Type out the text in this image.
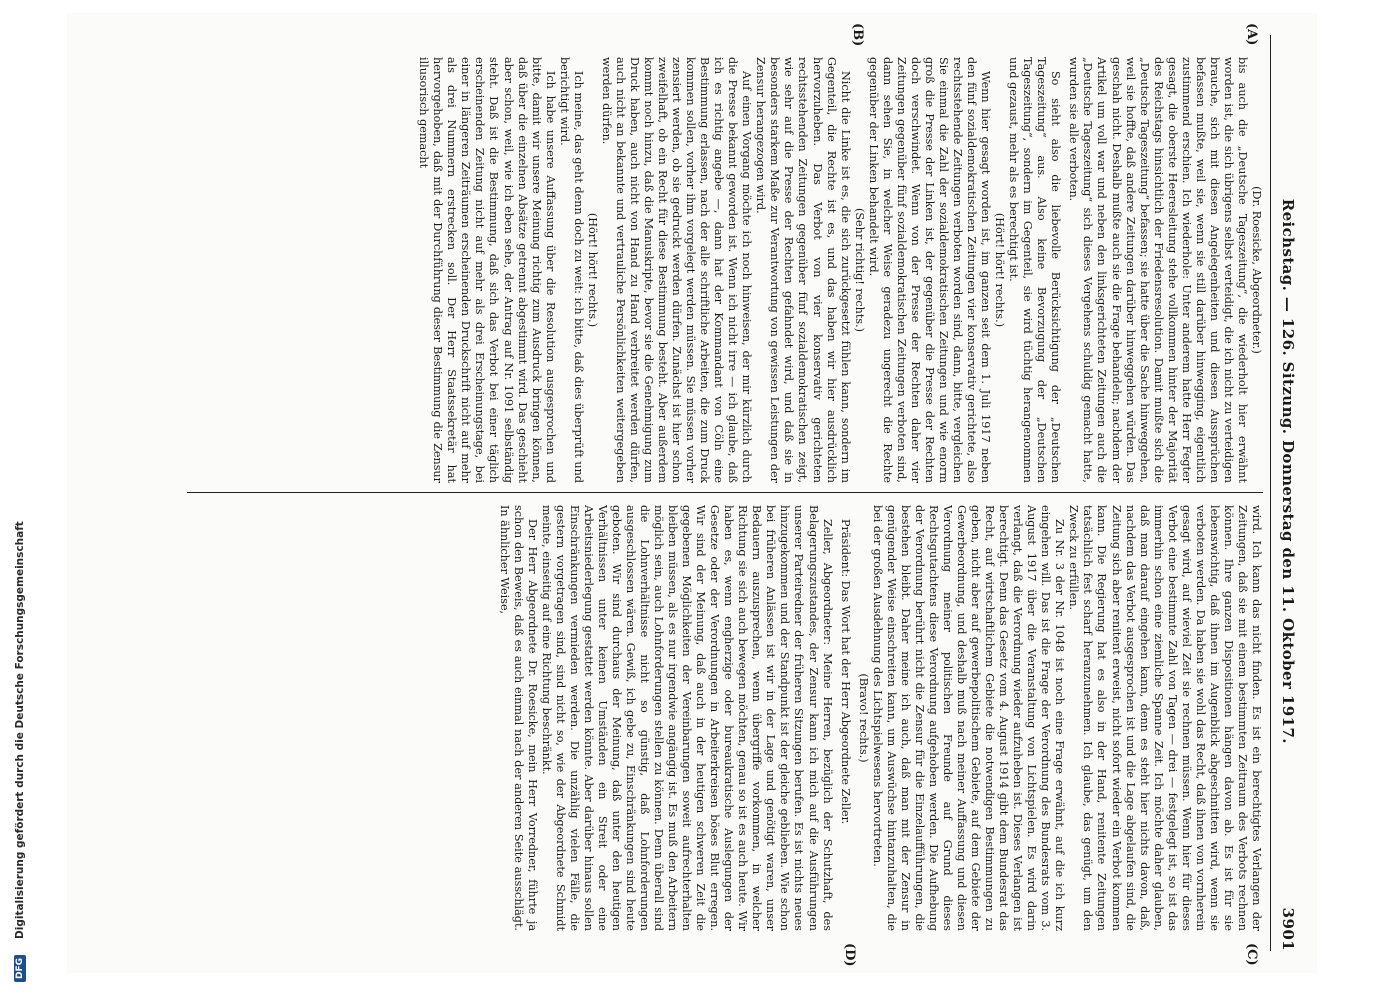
Reichstag. — 126. Sitzung. Donnerstag den 11. Oktober 1917.
3901
(A)
(B)
(C)
(D)

(Dr. Roesicke, Abgeordneter.)

bis auch die „Deutsche Tageszeitung“, die wiederholt hier erwähnt worden ist, die sich übrigens selbst verteidigt, die ich nicht zu verteidigen brauche, sich mit diesen Angelegenheiten und diesen Aussprüchen befassen mußte, weil sie, wenn sie still darüber hinwegging, eigentlich zustimmend erschien. Ich wiederhole: Unter anderem hatte Herr Fegter gesagt, die oberste Heeresleitung stehe vollkommen hinter der Majorität des Reichstags hinsichtlich der Friedensresolution. Damit mußte sich die „Deutsche Tageszeitung“ befassen; sie hatte über die Sache hinweggehen, weil sie hoffte, daß andere Zeitungen darüber hinweggehen würden. Das geschah nicht. Deshalb mußte auch sie die Frage behandeln; nachdem der Artikel um voll war und neben den linksgerichteten Zeitungen auch die „Deutsche Tageszeitung“ sich dieses Vergehens schuldig gemacht hatte, wurden sie alle verboten.

So sieht also die liebevolle Berücksichtigung der „Deutschen Tageszeitung“ aus. Also keine Bevorzugung der „Deutschen Tageszeitung“, sondern im Gegenteil, sie wird tüchtig herangenommen und gezaust, mehr als es berechtigt ist.

(Hört! hört! rechts.)

Wenn hier gesagt worden ist, im ganzen seit dem 1. Juli 1917 neben den fünf sozialdemokratischen Zeitungen vier konservativ gerichtete, also rechtsstehende Zeitungen verboten worden sind, dann, bitte, vergleichen Sie einmal die Zahl der sozialdemokratischen Zeitungen und wie enorm groß die Presse der Linken ist, der gegenüber die Presse der Rechten doch verschwindet. Wenn von der Presse der Rechten daher vier Zeitungen gegenüber fünf sozialdemokratischen Zeitungen verboten sind, dann sehen Sie, in welcher Weise geradezu ungerecht die Rechte gegenüber der Linken behandelt wird.

(Sehr richtig! rechts.)

Nicht die Linke ist es, die sich zurückgesetzt fühlen kann, sondern im Gegenteil, die Rechte ist es, und das haben wir hier ausdrücklich hervorzuheben. Das Verbot von vier konservativ gerichteten rechtsstehenden Zeitungen gegenüber fünf sozialdemokratischen zeigt, wie sehr auf die Presse der Rechten gefahndet wird, und daß sie in besonders starkem Maße zur Verantwortung von gewissen Leistungen der Zensur herangezogen wird.

Auf einen Vorgang möchte ich noch hinweisen, der mir kürzlich durch die Presse bekannt geworden ist. Wenn ich nicht irre — ich glaube, daß ich es richtig angebe —, dann hat der Kommandant von Cöln eine Bestimmung erlassen, nach der alle schriftliche Arbeiten, die zum Druck kommen sollen, vorher ihm vorgelegt werden müssen. Sie müssen vorher zensiert werden, ob sie gedruckt werden dürfen. Zunächst ist hier schon zweifelhaft, ob ein Recht für diese Bestimmung besteht. Aber außerdem kommt noch hinzu, daß die Manuskripte, bevor sie die Genehmigung zum Druck haben, auch nicht von Hand zu Hand verbreitet werden dürfen, auch nicht an bekannte und vertrauliche Persönlichkeiten weitergegeben werden dürfen.

(Hört! hört! rechts.)

Ich meine, das geht denn doch zu weit: ich bitte, daß dies überprüft und berichtigt wird.

Ich habe unsere Auffassung über die Resolution ausgesprochen und bitte, damit wir unsere Meinung richtig zum Ausdruck bringen können, daß über die einzelnen Absätze getrennt abgestimmt wird. Das geschieht aber schon, weil, wie ich eben sehe, der Antrag auf Nr. 1091 selbständig steht. Daß ist die Bestimmung, daß sich das Verbot bei einer täglich erscheinenden Zeitung nicht auf mehr als drei Erscheinungstage, bei einer in längeren Zeiträumen erscheinenden Druckschrift nicht auf mehr als drei Nummern erstrecken soll. Der Herr Staatssekretär hat hervorgehoben, daß mit der Durchführung dieser Bestimmung die Zensur illusorisch gemacht

wird. Ich kann das nicht finden. Es ist ein berechtigtes Verlangen der Zeitungen, daß sie mit einem bestimmten Zeitraum des Verbots rechnen können. Ihre ganzen Dispositionen hängen davon ab. Es ist für sie lebenswichtig, daß ihnen im Augenblick abgeschnitten wird, wenn sie verboten werden. Da haben sie wohl das Recht, daß ihnen von vornherein gesagt wird, auf wieviel Zeit sie rechnen müssen. Wenn hier für dieses Verbot eine bestimmte Zahl von Tagen — drei — festgelegt ist, so ist das immerhin schon eine ziemliche Spanne Zeit. Ich möchte daher glauben, daß man darauf eingehen kann, denn es steht hier nichts davon, daß, nachdem das Verbot ausgesprochen ist und die Lage abgelaufen sind, die Zeitung sich aber renitent erweist, nicht sofort wieder ein Verbot kommen kann. Die Regierung hat es also in der Hand, renitente Zeitungen tatsächlich fest scharf heranzunehmen. Ich glaube, das genügt, um den Zweck zu erfüllen.

Zu Nr. 3 der Nr. 1048 ist noch eine Frage erwähnt, auf die ich kurz eingehen will. Das ist die Frage der Verordnung des Bundesrats vom 3. August 1917 über die Veranstaltung von Lichtspielen. Es wird darin verlangt, daß die Verordnung wieder aufzuheben ist. Dieses Verlangen ist berechtigt. Denn das Gesetz vom 4. August 1914 gibt dem Bundesrat das Recht, auf wirtschaftlichem Gebiete die notwendigen Bestimmungen zu geben, nicht aber auf gewerbepolitischem Gebiete, auf dem Gebiete der Gewerbeordnung, und deshalb muß nach meiner Auffassung und diesen Verordnung meiner politischen Freunde auf Grund dieses Rechtsgutachtens diese Verordnung aufgehoben werden. Die Aufhebung der Verordnung berührt nicht die Zensur für die Einzelaufführungen, die bestehen bleibt. Daher meine ich auch, daß man mit der Zensur in genügender Weise einschreiten kann, um Auswüchse hintanzuhalten, die bei der großen Ausdehnung des Lichtspielwesens hervortreten.

(Bravo! rechts.)

Präsident: Das Wort hat der Herr Abgeordnete Zeller.

Zeller, Abgeordneter: Meine Herren, bezüglich der Schutzhaft, des Belagerungszustandes, der Zensur kann ich mich auf die Ausführungen unserer Parteiredner der früheren Sitzungen berufen. Es ist nichts neues hinzugekommen und der Standpunkt ist der gleiche geblieben. Wie schon bei früheren Anlässen ist wir in der Lage und genötigt waren, unser Bedauern auszusprechen, wenn übergriffe vorkommen, in welcher Richtung sie sich auch bewegen möchten, genau so ist es auch heute. Wir haben es, wenn engherzige oder bureaukratische Auslegungen der Gesetze oder der Verordnungen in Arbeiterkreisen böses Blut erregen. Wir sind der Meinung, daß auch in der heutigen schweren Zeit die gegebenen Möglichkeiten der Vereinbarungen soweit aufrechterhalten bleiben müssen, als es nur irgendwie angängig ist. Es muß den Arbeitern möglich sein, auch Lohnforderungen stellen zu können. Denn überall sind die Lohnverhältnisse nicht so günstig, daß Lohnforderungen ausgeschlossen wären. Gewiß, ich gebe zu, Einschränkungen sind heute geboten. Wir sind durchaus der Meinung, daß unter den heutigen Verhältnissen unter keinen Umständen ein Streit oder eine Arbeitsniederlegung gestattet werden könnte. Aber darüber hinaus sollen Einschränkungen vermieden werden. Die unzählig vielen Fälle, die gestern vorgetragen sind, sind nicht so, wie der Abgeordnete Schmidt meinte, einseitig auf eine Richtung beschränkt.

Der Herr Abgeordnete Dr. Roesicke, mein Herr Vorredner, führte ja schon den Beweis, daß es auch einmal nach der anderen Seite ausschlägt. In ähnlicher Weise,

DFG
Digitalisierung gefördert durch die Deutsche Forschungsgemeinschaft
